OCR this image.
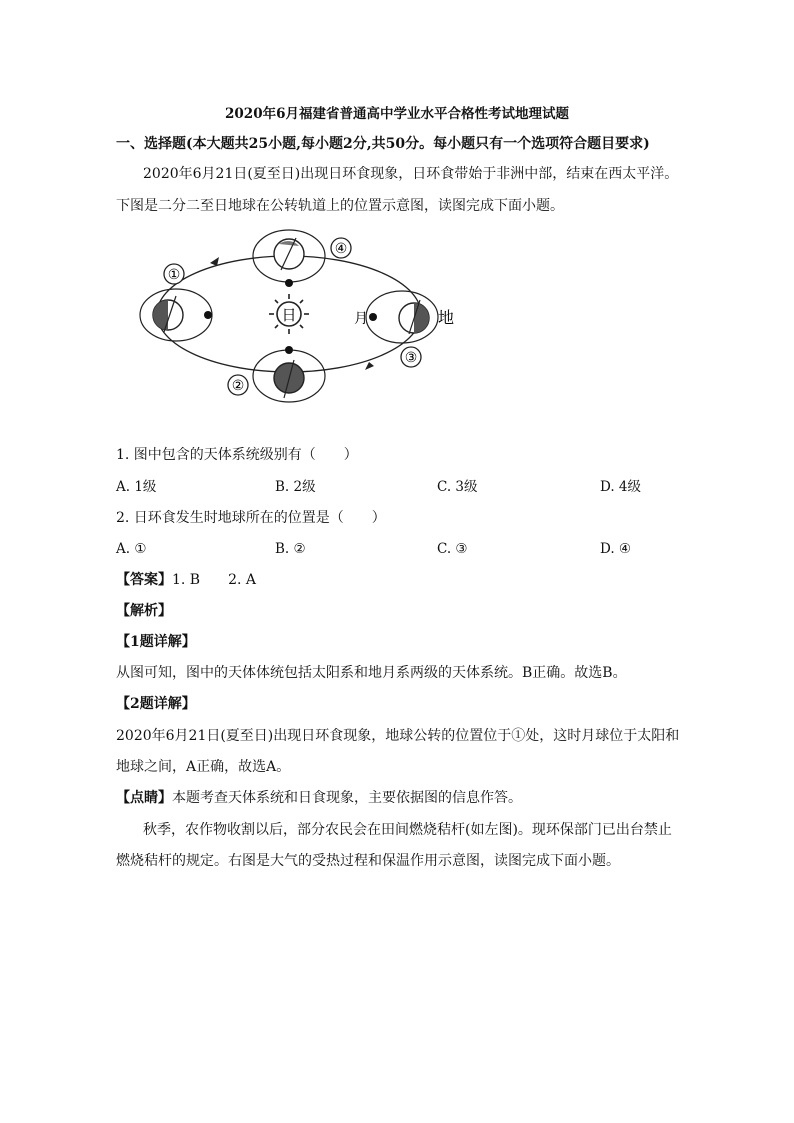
2020年6月福建省普通高中学业水平合格性考试地理试题
一、选择题(本大题共25小题,每小题2分,共50分。每小题只有一个选项符合题目要求)
2020年6月21日(夏至日)出现日环食现象，日环食带始于非洲中部，结束在西太平洋。
下图是二分二至日地球在公转轨道上的位置示意图，读图完成下面小题。
日
①
④
②
月	地
③
1. 图中包含的天体系统级别有（　　）
A. 1级	B. 2级	C. 3级	D. 4级
2. 日环食发生时地球所在的位置是（　　）
A. ①	B. ②	C. ③	D. ④
【答案】1. B　　2. A
【解析】
【1题详解】
从图可知，图中的天体体统包括太阳系和地月系两级的天体系统。B正确。故选B。
【2题详解】
2020年6月21日(夏至日)出现日环食现象，地球公转的位置位于①处，这时月球位于太阳和
地球之间，A正确，故选A。
【点睛】本题考查天体系统和日食现象，主要依据图的信息作答。
秋季，农作物收割以后，部分农民会在田间燃烧秸杆(如左图)。现环保部门已出台禁止
燃烧秸杆的规定。右图是大气的受热过程和保温作用示意图，读图完成下面小题。
